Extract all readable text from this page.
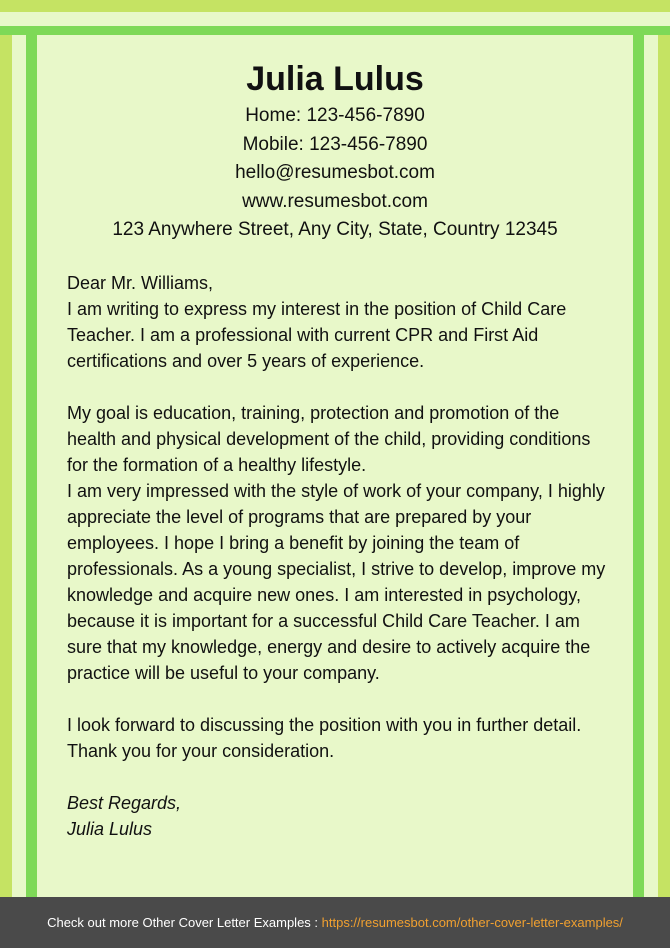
Julia Lulus
Home: 123-456-7890
Mobile: 123-456-7890
hello@resumesbot.com
www.resumesbot.com
123 Anywhere Street, Any City, State, Country 12345

Dear Mr. Williams,

I am writing to express my interest in the position of Child Care Teacher. I am a professional with current CPR and First Aid certifications and over 5 years of experience.

My goal is education, training, protection and promotion of the health and physical development of the child, providing conditions for the formation of a healthy lifestyle.

I am very impressed with the style of work of your company, I highly appreciate the level of programs that are prepared by your employees. I hope I bring a benefit by joining the team of professionals. As a young specialist, I strive to develop, improve my knowledge and acquire new ones. I am interested in psychology, because it is important for a successful Child Care Teacher. I am sure that my knowledge, energy and desire to actively acquire the practice will be useful to your company.

I look forward to discussing the position with you in further detail. Thank you for your consideration.

Best Regards,

Julia Lulus

Check out more Other Cover Letter Examples : https://resumesbot.com/other-cover-letter-examples/
